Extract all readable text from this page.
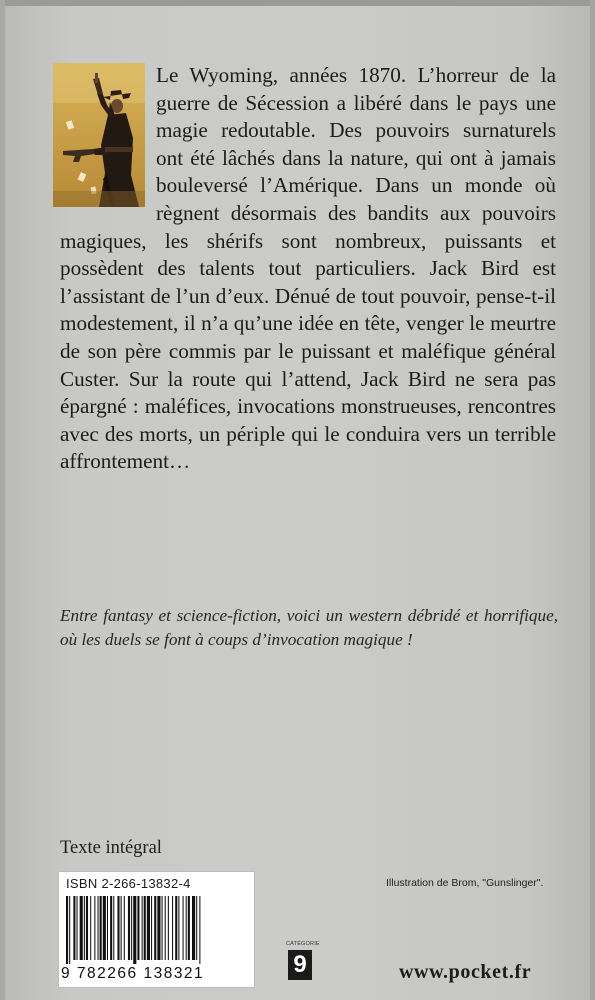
Le Wyoming, années 1870. L’horreur de la guerre de Sécession a libéré dans le pays une magie redoutable. Des pouvoirs surnaturels ont été lâchés dans la nature, qui ont à jamais bouleversé l’Amérique. Dans un monde où règnent désormais des bandits aux pouvoirs magiques, les shérifs sont nombreux, puissants et possèdent des talents tout particuliers. Jack Bird est l’assistant de l’un d’eux. Dénué de tout pouvoir, pense-t-il modestement, il n’a qu’une idée en tête, venger le meurtre de son père commis par le puissant et maléfique général Custer. Sur la route qui l’attend, Jack Bird ne sera pas épargné : maléfices, invocations monstrueuses, rencontres avec des morts, un périple qui le conduira vers un terrible affrontement…

Entre fantasy et science-fiction, voici un western débridé et horrifique, où les duels se font à coups d’invocation magique !

Texte intégral
ISBN 2-266-13832-4
9 782266 138321
Illustration de Brom, "Gunslinger".
CATÉGORIE
9	www.pocket.fr
